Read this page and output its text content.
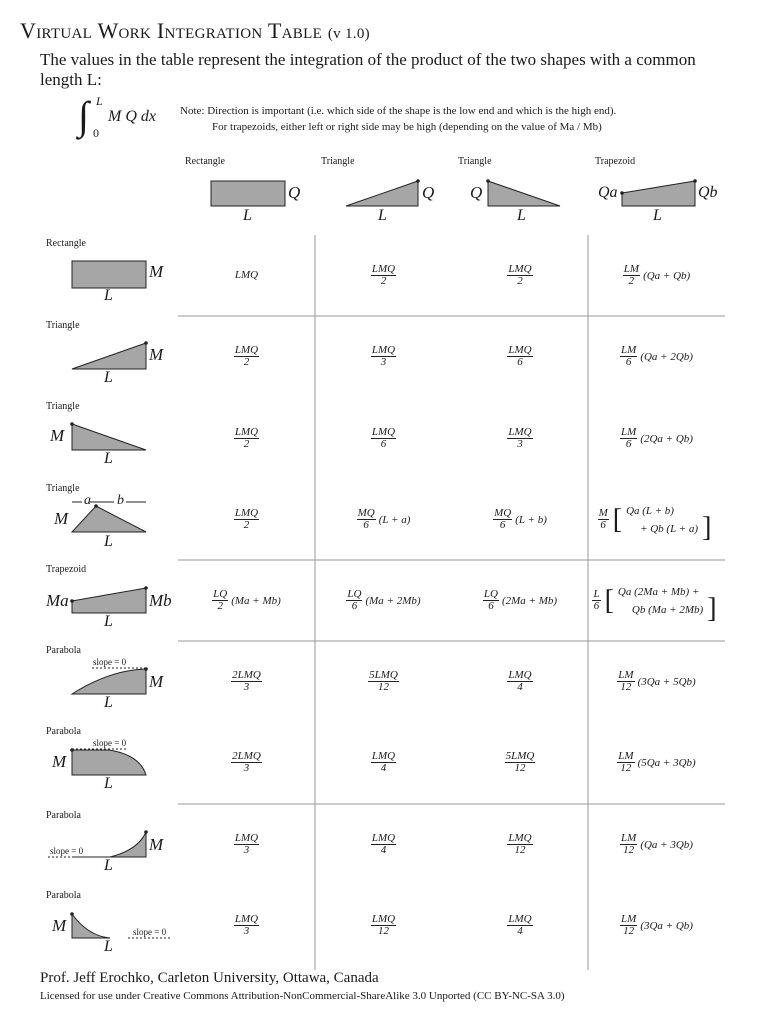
Virtual Work Integration Table (v 1.0)
The values in the table represent the integration of the product of the two shapes with a common length L:
∫ L
0
M Q dx Note: Direction is important (i.e. which side of the shape is the low end and which is the high end).
For trapezoids, either left or right side may be high (depending on the value of Ma / Mb)
Rectangle	Triangle	Triangle	Trapezoid
Q
L
Q
L
Q
L
Qa	Qb
L
Rectangle
Triangle
Triangle
Triangle
Trapezoid
Parabola
Parabola
Parabola
Parabola
M
L
M
L
M
L
a b
M
L
Ma	Mb
L
slope = 0
M
L
slope = 0
M
L
slope = 0	M
L
slope = 0
M
L
LMQ	$\frac{\text{LMQ}}{2}$	$\frac{\text{LMQ}}{2}$	$\frac{LM}{2} (Qa + Qb)$
$\frac{\text{LMQ}}{2}$	$\frac{\text{LMQ}}{3}$	$\frac{\text{LMQ}}{6}$	$\frac{LM}{6} (Qa + 2Qb)$
$\frac{\text{LMQ}}{2}$	$\frac{\text{LMQ}}{6}$	$\frac{\text{LMQ}}{3}$	$\frac{LM}{6} (2Qa + Qb)$
$\frac{\text{LMQ}}{2}$	$\frac{MQ}{6} (L + a)$	$\frac{MQ}{6} (L + b)$	$\frac{M}{6}$ [ Qa (L + b)
+ Qb (L + a) ]
$\frac{LQ}{2} (Ma + Mb)$	$\frac{LQ}{6} (Ma + 2Mb)$	$\frac{LQ}{6} (2Ma + Mb)$	$\frac{L}{6}$ [ Qa (2Ma + Mb) +
Qb (Ma + 2Mb) ]
$\frac{\text{2LMQ}}{3}$	$\frac{\text{5LMQ}}{12}$	$\frac{\text{LMQ}}{4}$	$\frac{LM}{12} (3Qa + 5Qb)$
$\frac{\text{2LMQ}}{3}$	$\frac{\text{LMQ}}{4}$	$\frac{\text{5LMQ}}{12}$	$\frac{LM}{12} (5Qa + 3Qb)$
$\frac{\text{LMQ}}{3}$	$\frac{\text{LMQ}}{4}$	$\frac{\text{LMQ}}{12}$	$\frac{LM}{12} (Qa + 3Qb)$
$\frac{\text{LMQ}}{3}$	$\frac{\text{LMQ}}{12}$	$\frac{\text{LMQ}}{4}$	$\frac{LM}{12} (3Qa + Qb)$
Prof. Jeff Erochko, Carleton University, Ottawa, Canada
Licensed for use under Creative Commons Attribution-NonCommercial-ShareAlike 3.0 Unported (CC BY-NC-SA 3.0)
